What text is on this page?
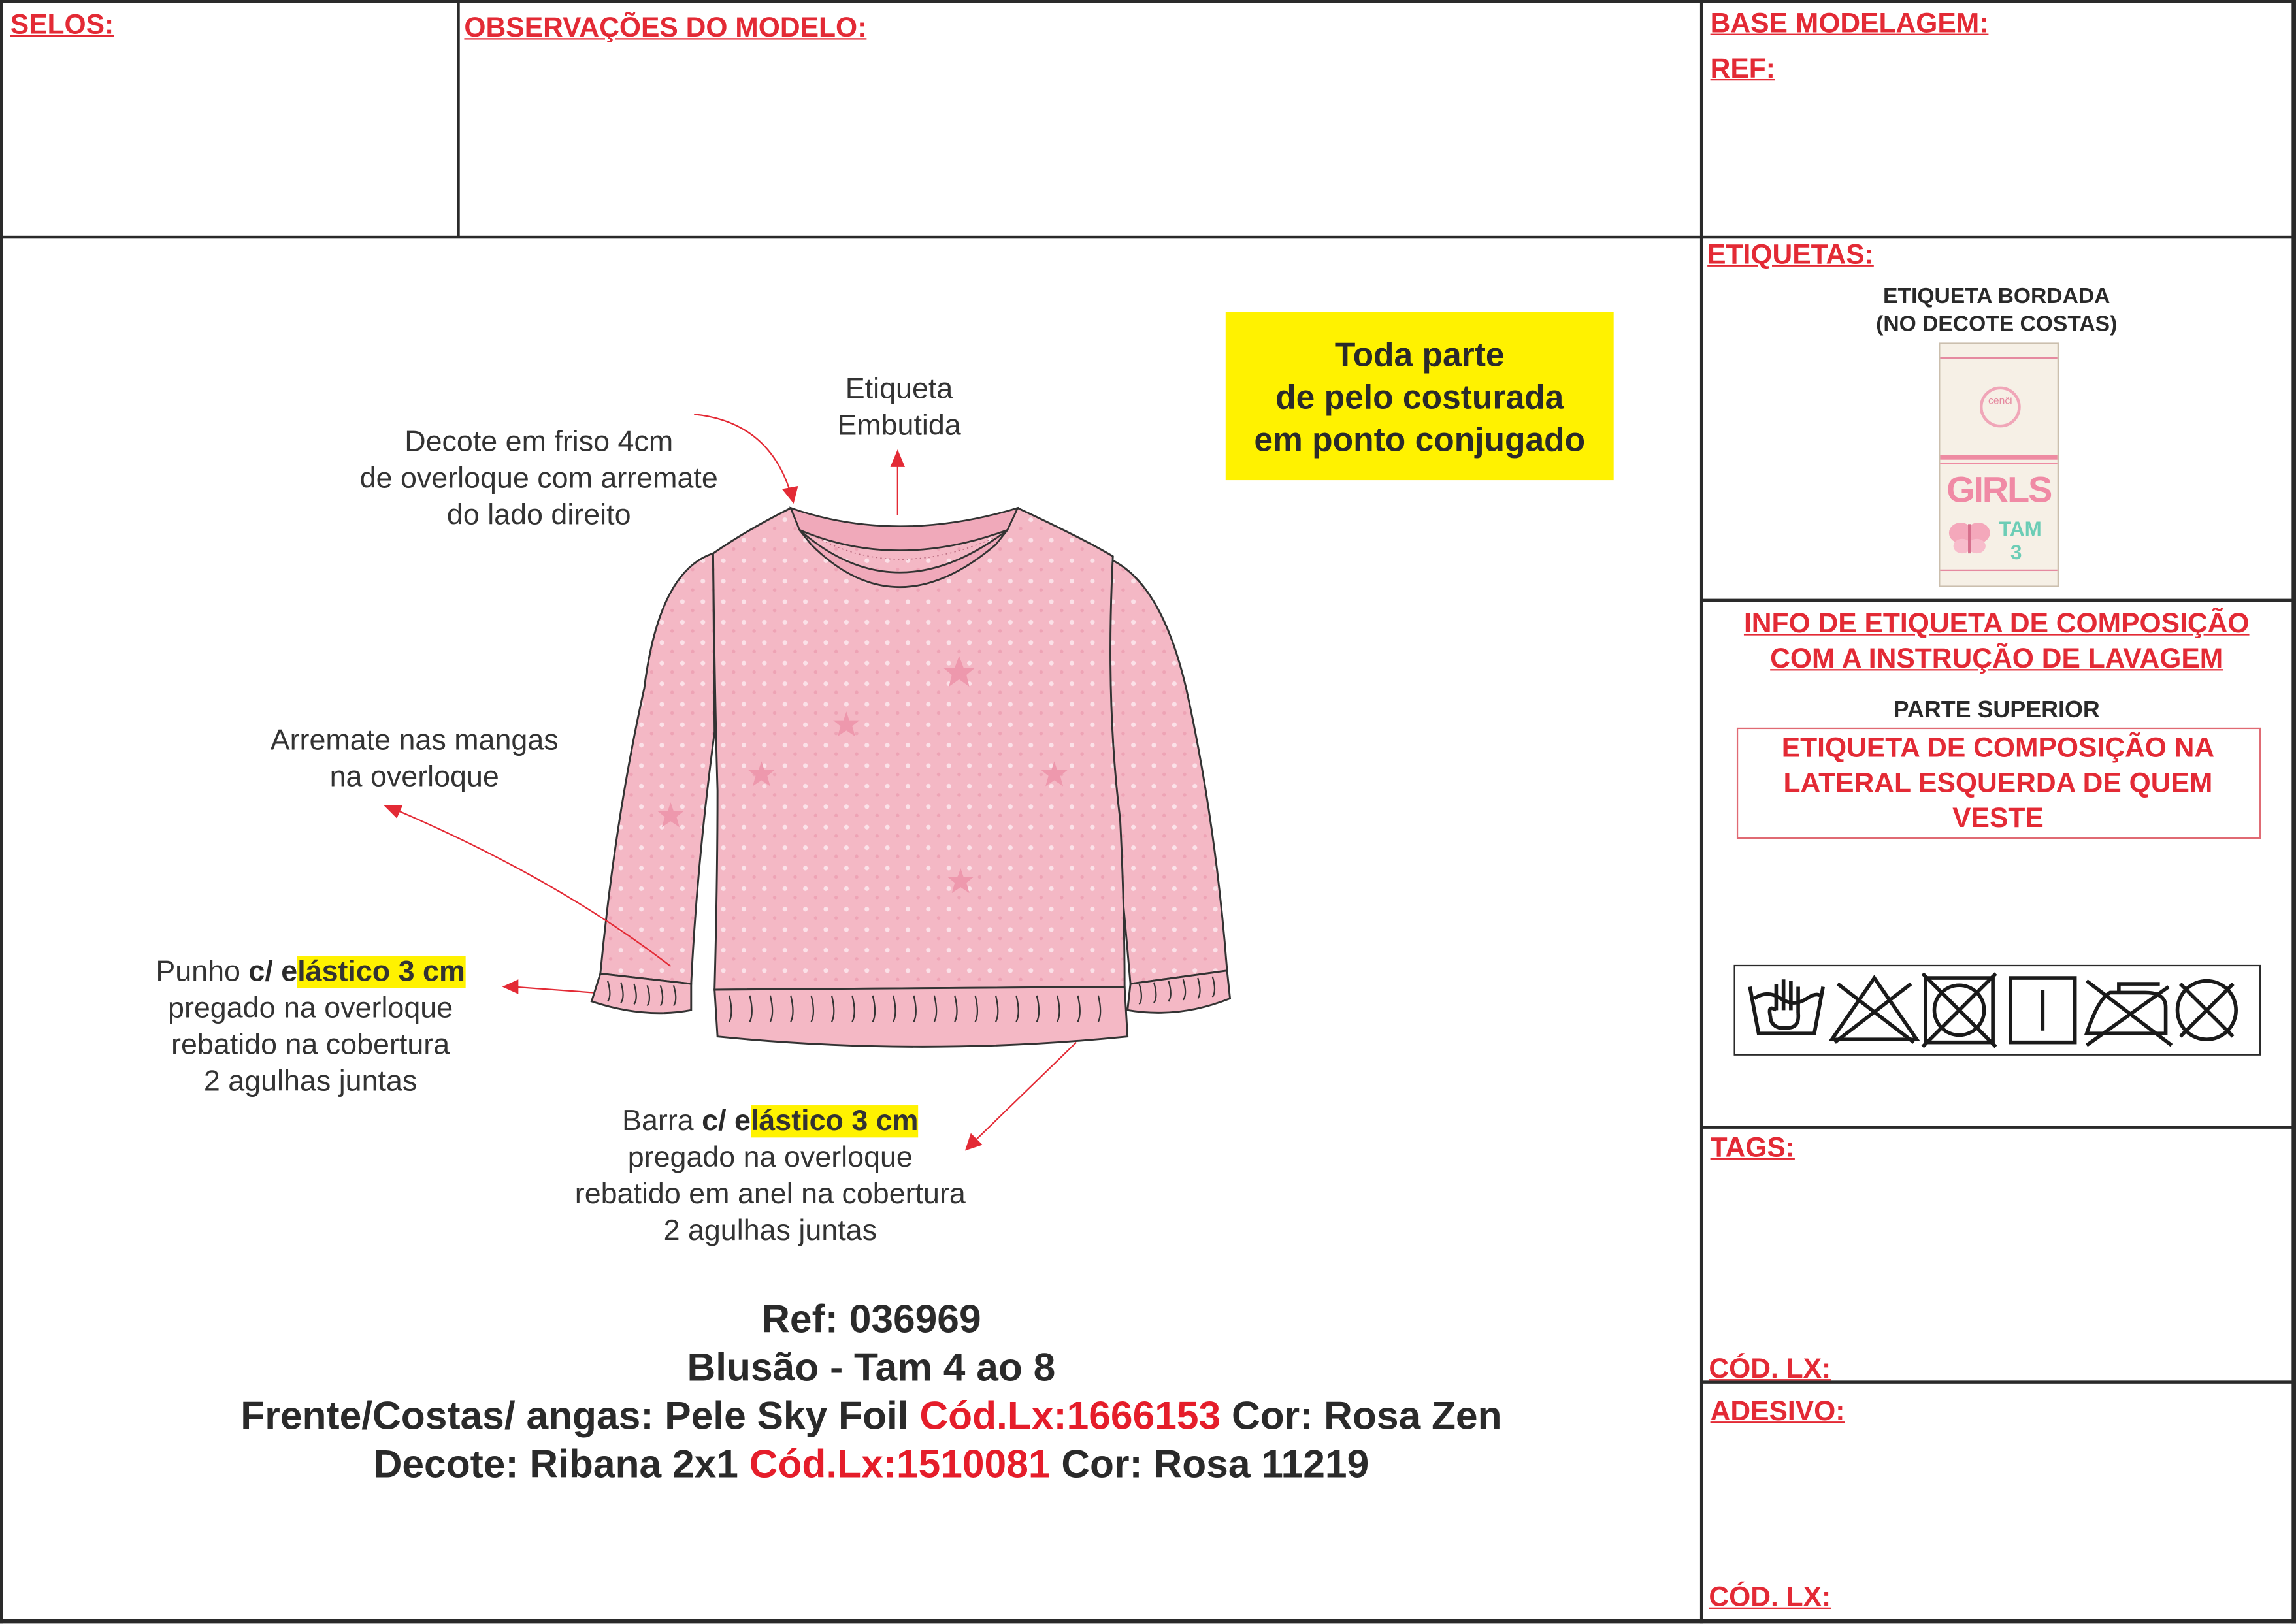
SELOS:	OBSERVAÇÕES DO MODELO:	BASE MODELAGEM:
REF:
ETIQUETAS:
ETIQUETA BORDADA
(NO DECOTE COSTAS)
cenĉi
GIRLS
TAM
3
INFO DE ETIQUETA DE COMPOSIÇÃO
COM A INSTRUÇÃO DE LAVAGEM
PARTE SUPERIOR
ETIQUETA DE COMPOSIÇÃO NA
LATERAL ESQUERDA DE QUEM
VESTE
TAGS:
CÓD. LX:
ADESIVO:
CÓD. LX:
Toda parte
de pelo costurada
em ponto conjugado
Etiqueta
Embutida
Decote em friso 4cm
de overloque com arremate
do lado direito
Arremate nas mangas
na overloque
Punho c/ elástico 3 cm
pregado na overloque
rebatido na cobertura
2 agulhas juntas
Barra c/ elástico 3 cm
pregado na overloque
rebatido em anel na cobertura
2 agulhas juntas
Ref: 036969
Blusão - Tam 4 ao 8
Frente/Costas/ angas: Pele Sky Foil Cód.Lx:1666153 Cor: Rosa Zen
Decote: Ribana 2x1 Cód.Lx:1510081 Cor: Rosa 11219
